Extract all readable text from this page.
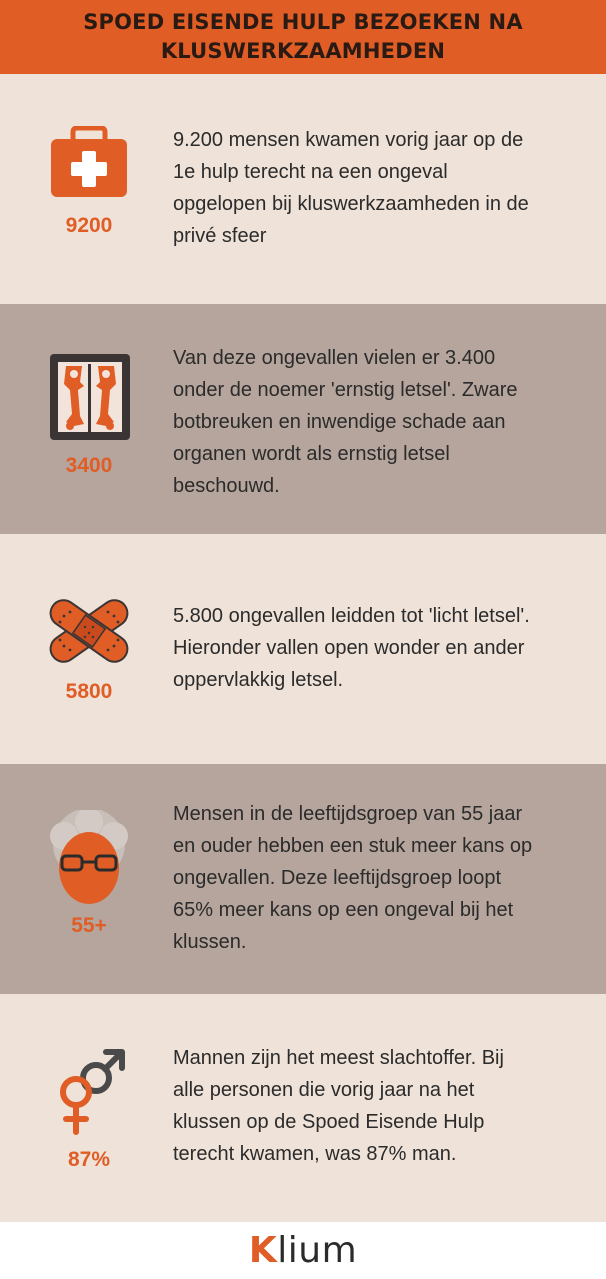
SPOED EISENDE HULP BEZOEKEN NA
KLUSWERKZAAMHEDEN
9200

9.200 mensen kwamen vorig jaar op de
1e hulp terecht na een ongeval
opgelopen bij kluswerkzaamheden in de
privé sfeer

3400

Van deze ongevallen vielen er 3.400
onder de noemer 'ernstig letsel'. Zware
botbreuken en inwendige schade aan
organen wordt als ernstig letsel
beschouwd.

5800

5.800 ongevallen leidden tot 'licht letsel'.
Hieronder vallen open wonder en ander
oppervlakkig letsel.

55+

Mensen in de leeftijdsgroep van 55 jaar
en ouder hebben een stuk meer kans op
ongevallen. Deze leeftijdsgroep loopt
65% meer kans op een ongeval bij het
klussen.

87%

Mannen zijn het meest slachtoffer. Bij
alle personen die vorig jaar na het
klussen op de Spoed Eisende Hulp
terecht kwamen, was 87% man.

K lium
